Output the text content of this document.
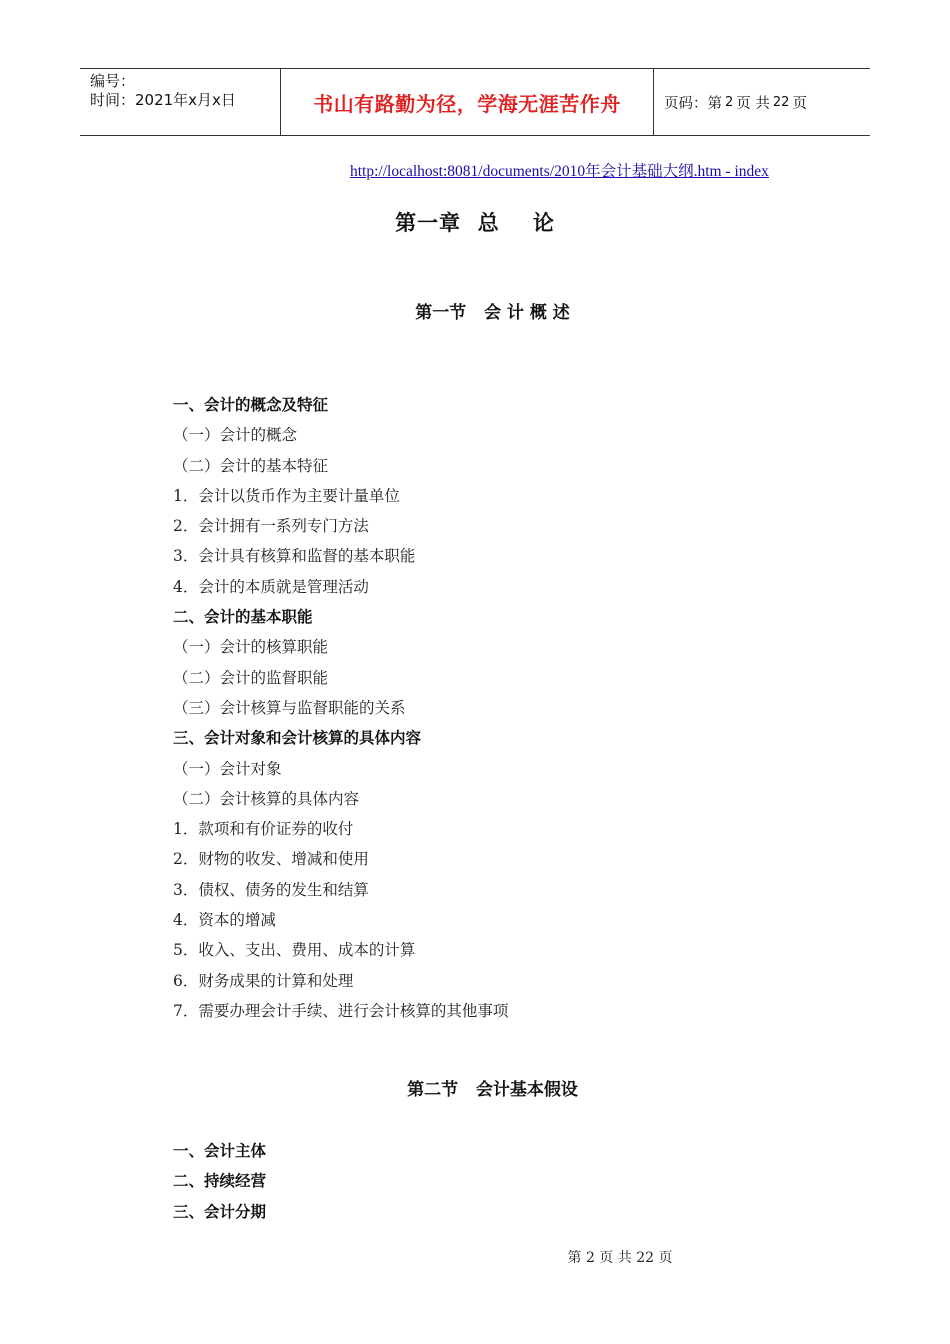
编号：
时间：2021年x月x日	书山有路勤为径，学海无涯苦作舟	页码：第 2 页 共 22 页
http://localhost:8081/documents/2010年会计基础大纲.htm - index
第一章  总    论
第一节   会 计 概 述
一、会计的概念及特征
（一）会计的概念
（二）会计的基本特征
1．会计以货币作为主要计量单位
2．会计拥有一系列专门方法
3．会计具有核算和监督的基本职能
4．会计的本质就是管理活动
二、会计的基本职能
（一）会计的核算职能
（二）会计的监督职能
（三）会计核算与监督职能的关系
三、会计对象和会计核算的具体内容
（一）会计对象
（二）会计核算的具体内容
1．款项和有价证券的收付
2．财物的收发、增减和使用
3．债权、债务的发生和结算
4．资本的增减
5．收入、支出、费用、成本的计算
6．财务成果的计算和处理
7．需要办理会计手续、进行会计核算的其他事项
第二节   会计基本假设
一、会计主体
二、持续经营
三、会计分期
第 2 页 共 22 页
